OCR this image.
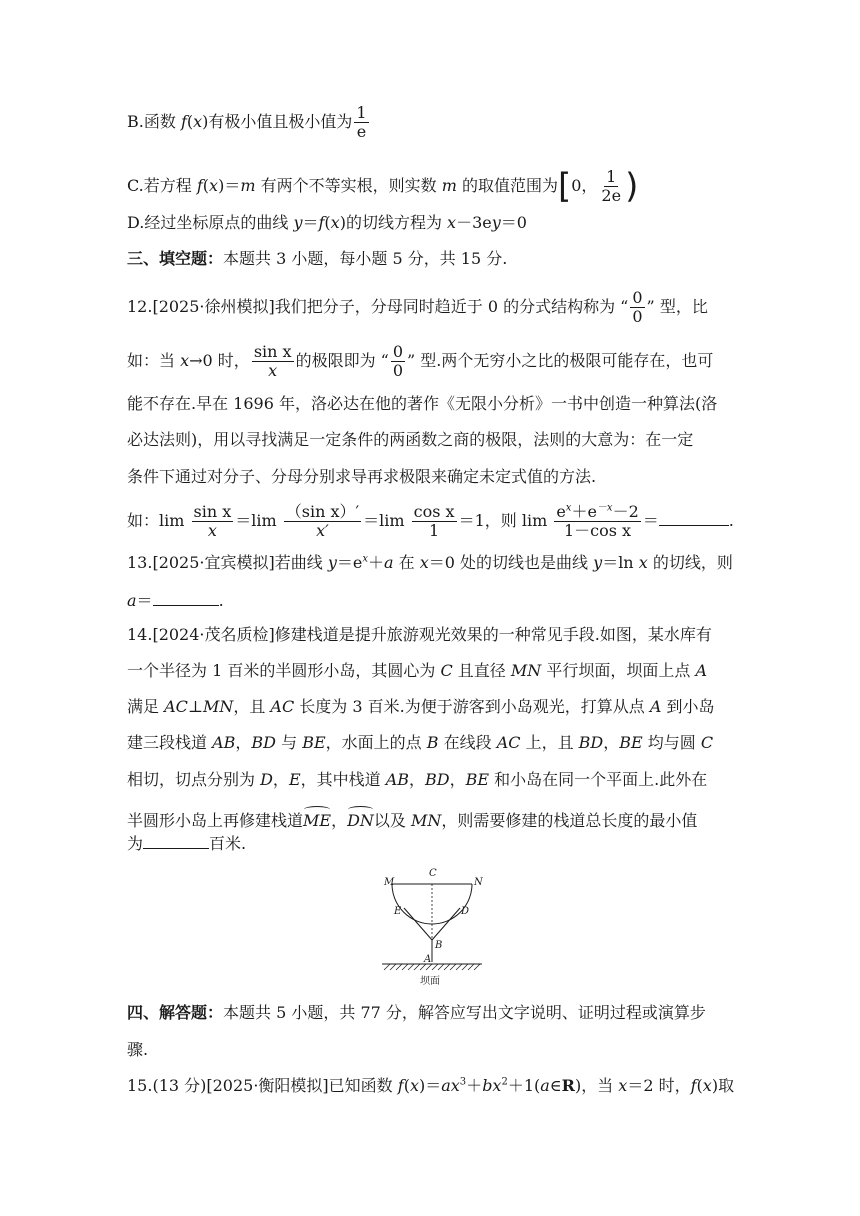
B.函数 f(x)有极小值且极小值为 $\frac{1}{e}$
C.若方程 f(x)＝m 有两个不等实根，则实数 m 的取值范围为[0， $\frac{1}{2e}$ )
D.经过坐标原点的曲线 y＝f(x)的切线方程为 x－3ey＝0
三、填空题：本题共 3 小题，每小题 5 分，共 15 分.
12.[2025·徐州模拟]我们把分子，分母同时趋近于 0 的分式结构称为 “ $\frac{0}{0}$ ” 型，比
如：当 x→0 时， $\frac{\text{sin x}}{x}$ 的极限即为 “ $\frac{0}{0}$ ” 型.两个无穷小之比的极限可能存在，也可
能不存在.早在 1696 年，洛必达在他的著作《无限小分析》一书中创造一种算法(洛
必达法则)，用以寻找满足一定条件的两函数之商的极限，法则的大意为：在一定
条件下通过对分子、分母分别求导再求极限来确定未定式值的方法.
如：$\lim \frac{\text{sin x}}{x} =\lim \frac{\text{（sin x）′}}{x'} =\lim \frac{\text{cos x}}{1} =1$，则 $\lim \frac{e^x+e^{-x}-2}{\text{1－cos x}}$ ＝	.
13.[2025·宜宾模拟]若曲线 $y=e^x+a$ 在 x＝0 处的切线也是曲线 y＝ln x 的切线，则
a＝	.
14.[2024·茂名质检]修建栈道是提升旅游观光效果的一种常见手段.如图，某水库有
一个半径为 1 百米的半圆形小岛，其圆心为 C 且直径 MN 平行坝面，坝面上点 A
满足 AC⊥MN，且 AC 长度为 3 百米.为便于游客到小岛观光，打算从点 A 到小岛
建三段栈道 AB，BD 与 BE，水面上的点 B 在线段 AC 上，且 BD，BE 均与圆 C
相切，切点分别为 D，E，其中栈道 AB，BD，BE 和小岛在同一个平面上.此外在
半圆形小岛上再修建栈道ME，DN以及 MN，则需要修建的栈道总长度的最小值
为	百米.
M
C
N
E	D
B
A
坝面
四、解答题：本题共 5 小题，共 77 分，解答应写出文字说明、证明过程或演算步
骤.
15.(13 分)[2025·衡阳模拟]已知函数 $f(x)=ax^3+bx^2+1(a\in R)$，当 x＝2 时，f(x)取
